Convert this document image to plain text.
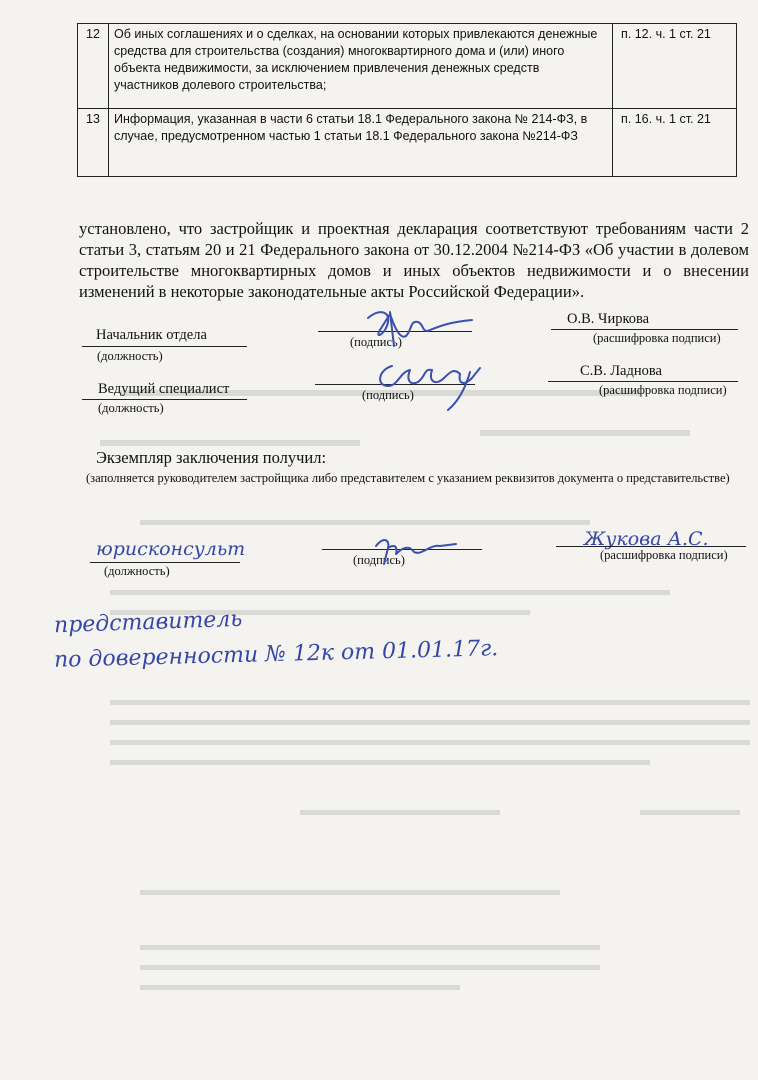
12	Об иных соглашениях и о сделках, на основании которых привлекаются денежные средства для строительства (создания) многоквартирного дома и (или) иного объекта недвижимости, за исключением привлечения денежных средств участников долевого строительства;	п. 12. ч. 1 ст. 21
13	Информация, указанная в части 6 статьи 18.1 Федерального закона № 214-ФЗ, в случае, предусмотренном частью 1 статьи 18.1 Федерального закона №214-ФЗ	п. 16. ч. 1 ст. 21
установлено, что застройщик и проектная декларация соответствуют требованиям части 2 статьи 3, статьям 20 и 21 Федерального закона от 30.12.2004 №214-ФЗ «Об участии в долевом строительстве многоквартирных домов и иных объектов недвижимости и о внесении изменений в некоторые законодательные акты Российской Федерации».
Начальник отдела
(должность)
(подпись)
О.В. Чиркова
(расшифровка подписи)
Ведущий специалист
(должность)
(подпись)
С.В. Ладнова
(расшифровка подписи)
Экземпляр заключения получил:
(заполняется руководителем застройщика либо представителем с указанием реквизитов документа о представительстве)
юрисконсульт
(должность)
(подпись)
Жукова А.С.
(расшифровка подписи)
представитель
по доверенности № 12к от 01.01.17г.
